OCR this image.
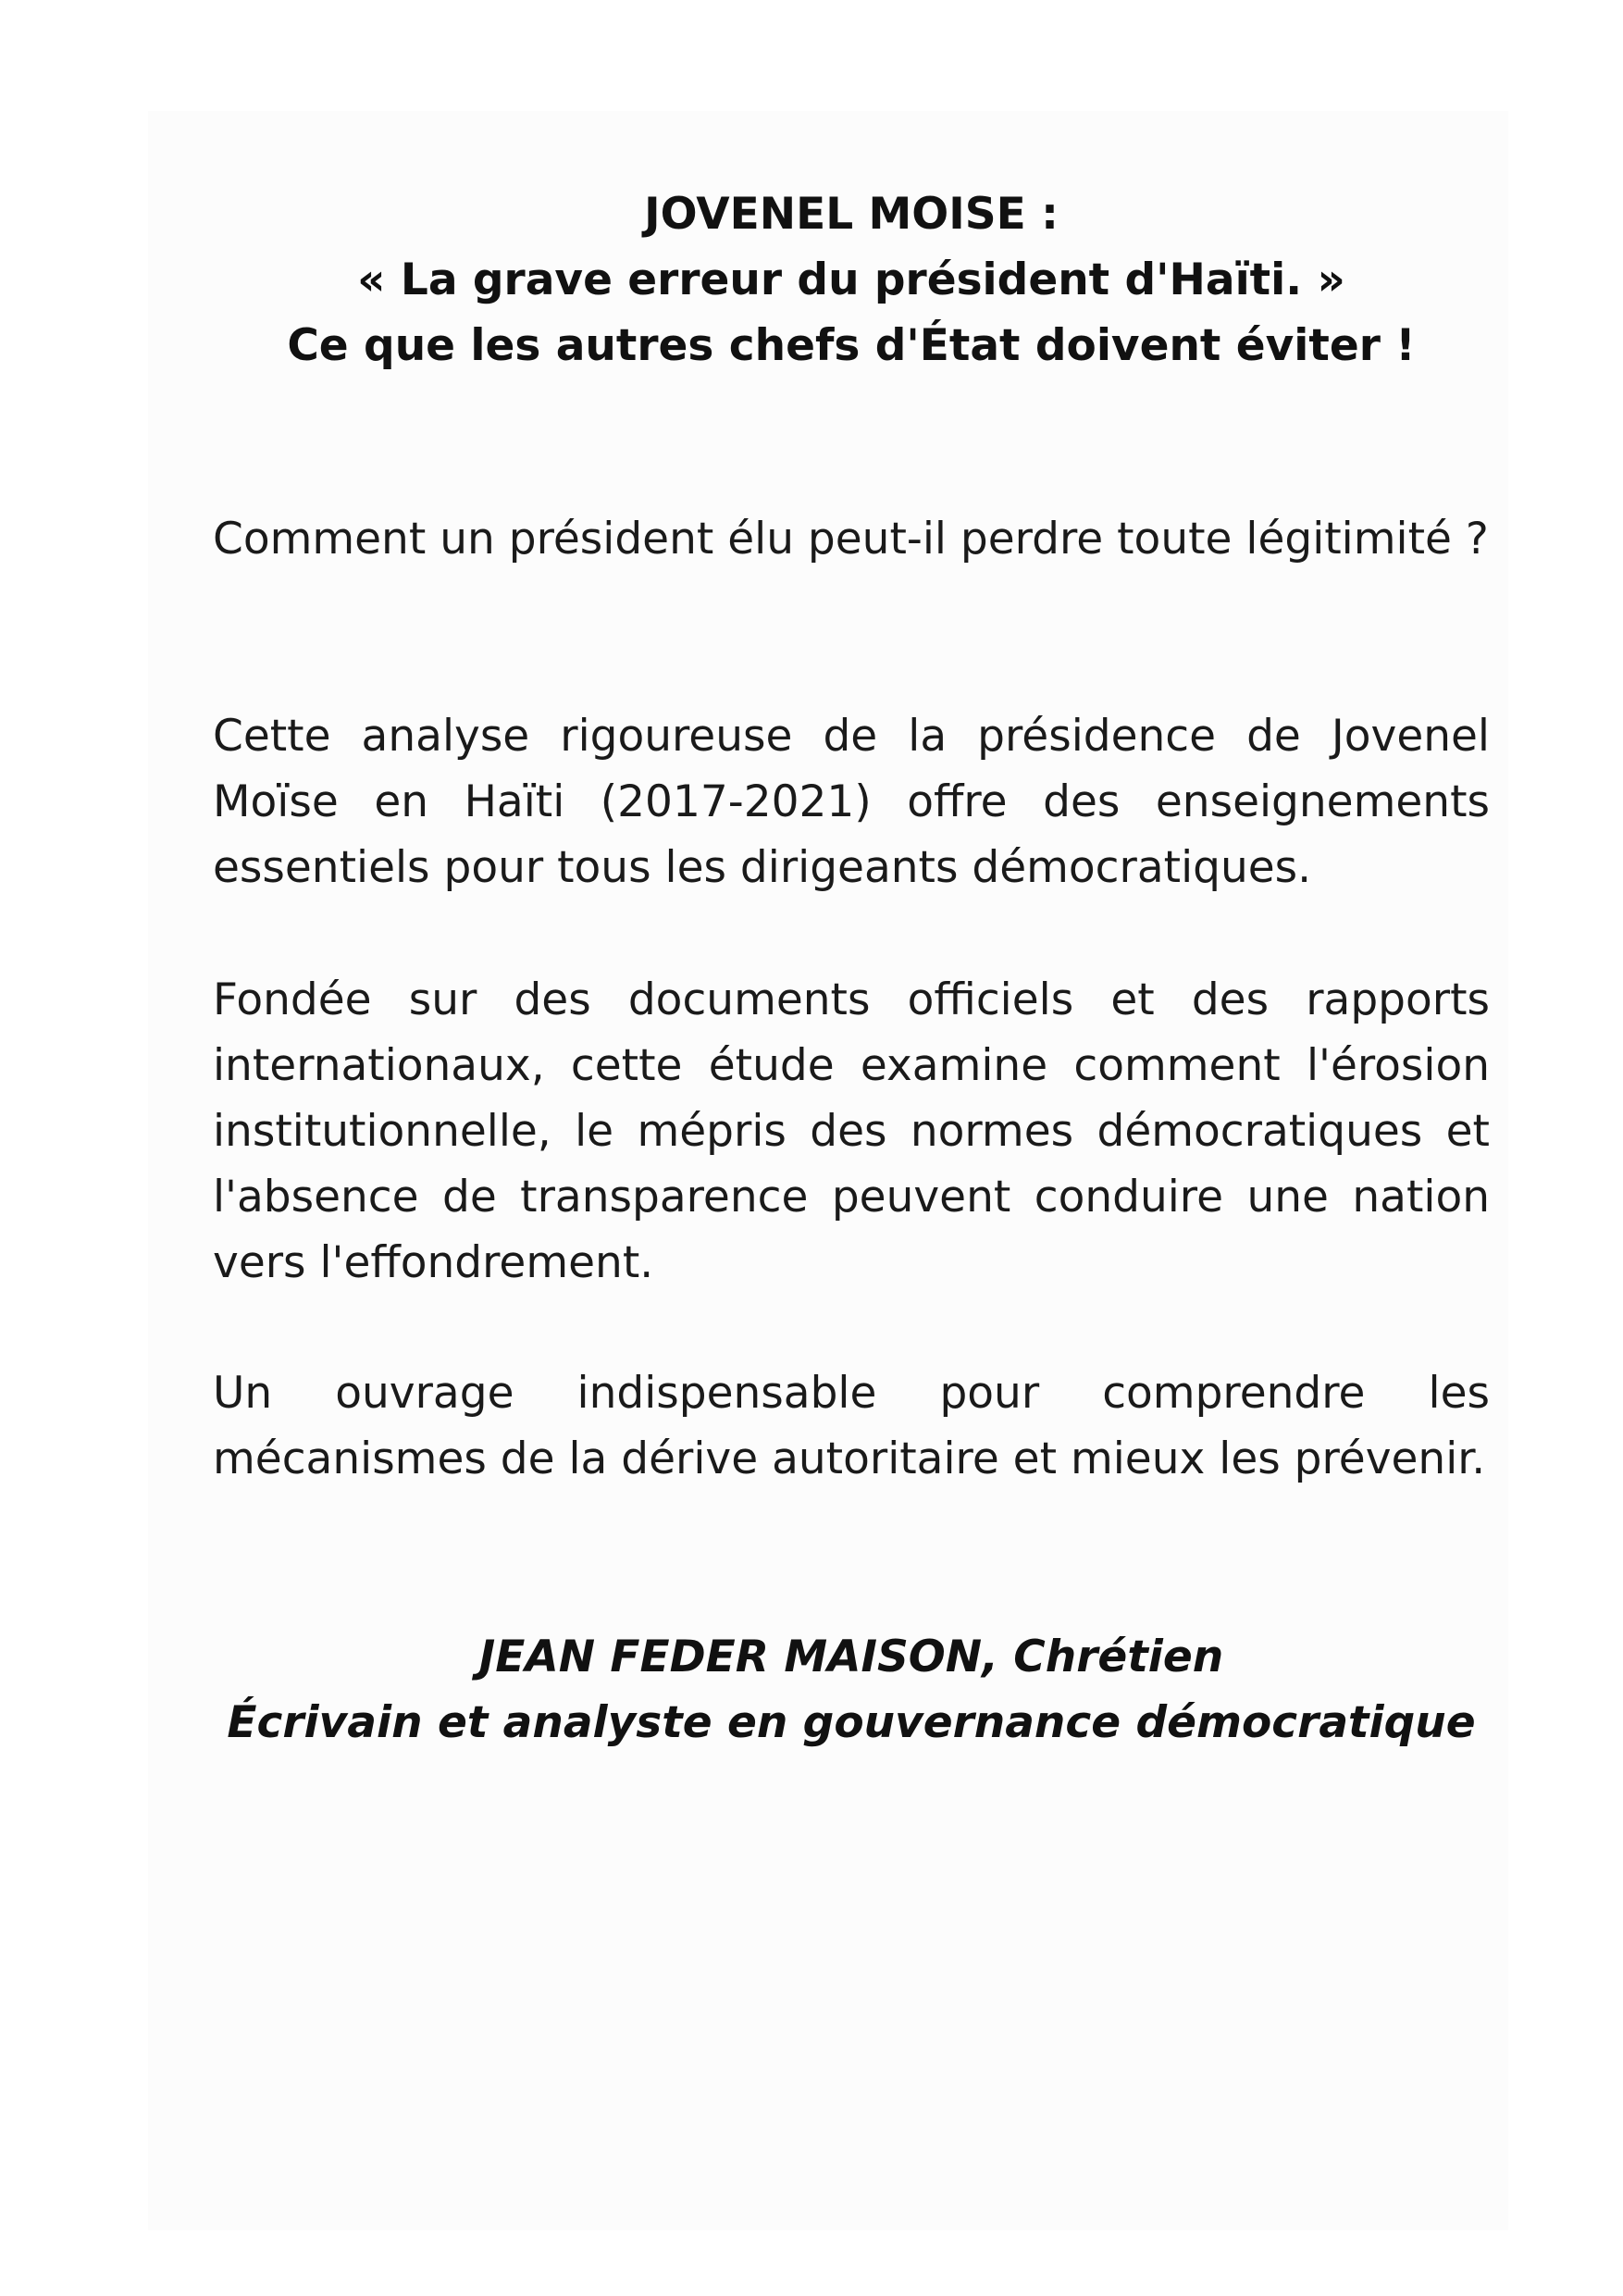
JOVENEL MOISE :
« La grave erreur du président d'Haïti. »
Ce que les autres chefs d'État doivent éviter !

Comment un président élu peut-il perdre toute légitimité ?

Cette analyse rigoureuse de la présidence de Jovenel Moïse en Haïti (2017-2021) offre des enseignements essentiels pour tous les dirigeants démocratiques.

Fondée sur des documents officiels et des rapports internationaux, cette étude examine comment l'érosion institutionnelle, le mépris des normes démocratiques et l'absence de transparence peuvent conduire une nation vers l'effondrement.

Un ouvrage indispensable pour comprendre les mécanismes de la dérive autoritaire et mieux les prévenir.

JEAN FEDER MAISON, Chrétien
Écrivain et analyste en gouvernance démocratique
